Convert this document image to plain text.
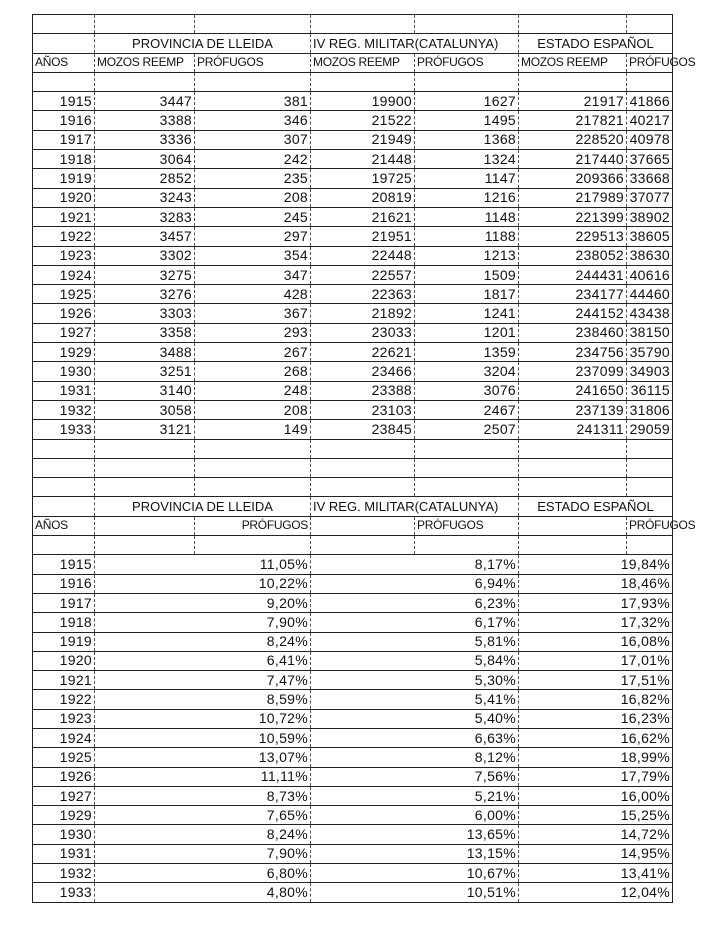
	PROVINCIA DE LLEIDA		IV REG. MILITAR(CATALUNYA)		ESTADO ESPAÑOL	
AÑOS	MOZOS REEMP	PRÓFUGOS	MOZOS REEMP	PRÓFUGOS	MOZOS REEMP	PRÓFUGOS

1915	3447	381	19900	1627	21917	41866
1916	3388	346	21522	1495	217821	40217
1917	3336	307	21949	1368	228520	40978
1918	3064	242	21448	1324	217440	37665
1919	2852	235	19725	1147	209366	33668
1920	3243	208	20819	1216	217989	37077
1921	3283	245	21621	1148	221399	38902
1922	3457	297	21951	1188	229513	38605
1923	3302	354	22448	1213	238052	38630
1924	3275	347	22557	1509	244431	40616
1925	3276	428	22363	1817	234177	44460
1926	3303	367	21892	1241	244152	43438
1927	3358	293	23033	1201	238460	38150
1929	3488	267	22621	1359	234756	35790
1930	3251	268	23466	3204	237099	34903
1931	3140	248	23388	3076	241650	36115
1932	3058	208	23103	2467	237139	31806
1933	3121	149	23845	2507	241311	29059

	PROVINCIA DE LLEIDA		IV REG. MILITAR(CATALUNYA)		ESTADO ESPAÑOL	
AÑOS		PRÓFUGOS		PRÓFUGOS		PRÓFUGOS

1915	11,05%		8,17%		19,84%	
1916	10,22%		6,94%		18,46%	
1917	9,20%		6,23%		17,93%	
1918	7,90%		6,17%		17,32%	
1919	8,24%		5,81%		16,08%	
1920	6,41%		5,84%		17,01%	
1921	7,47%		5,30%		17,51%	
1922	8,59%		5,41%		16,82%	
1923	10,72%		5,40%		16,23%	
1924	10,59%		6,63%		16,62%	
1925	13,07%		8,12%		18,99%	
1926	11,11%		7,56%		17,79%	
1927	8,73%		5,21%		16,00%	
1929	7,65%		6,00%		15,25%	
1930	8,24%		13,65%		14,72%	
1931	7,90%		13,15%		14,95%	
1932	6,80%		10,67%		13,41%	
1933	4,80%		10,51%		12,04%	
